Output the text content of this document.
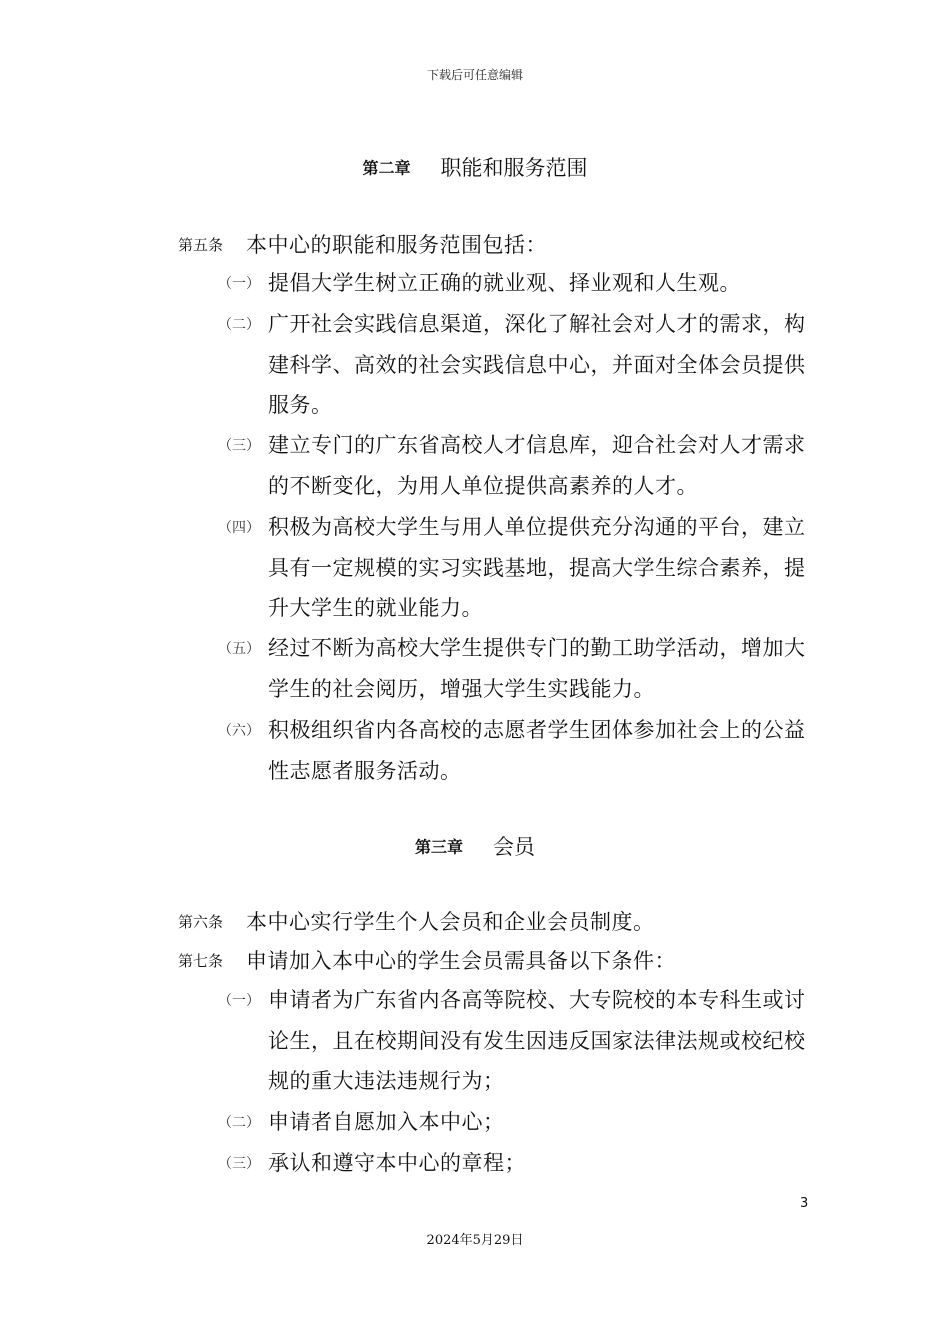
下载后可任意编辑
第二章 职能和服务范围
第五条 本中心的职能和服务范围包括：
（一） 提倡大学生树立正确的就业观、择业观和人生观。
（二） 广开社会实践信息渠道，深化了解社会对人才的需求，构建科学、高效的社会实践信息中心，并面对全体会员提供服务。
（三） 建立专门的广东省高校人才信息库，迎合社会对人才需求的不断变化，为用人单位提供高素养的人才。
（四） 积极为高校大学生与用人单位提供充分沟通的平台，建立具有一定规模的实习实践基地，提高大学生综合素养，提升大学生的就业能力。
（五） 经过不断为高校大学生提供专门的勤工助学活动，增加大学生的社会阅历，增强大学生实践能力。
（六） 积极组织省内各高校的志愿者学生团体参加社会上的公益性志愿者服务活动。
第三章 会员
第六条 本中心实行学生个人会员和企业会员制度。
第七条 申请加入本中心的学生会员需具备以下条件：
（一） 申请者为广东省内各高等院校、大专院校的本专科生或讨论生，且在校期间没有发生因违反国家法律法规或校纪校规的重大违法违规行为；
（二） 申请者自愿加入本中心；
（三） 承认和遵守本中心的章程；
3
2024年5月29日
